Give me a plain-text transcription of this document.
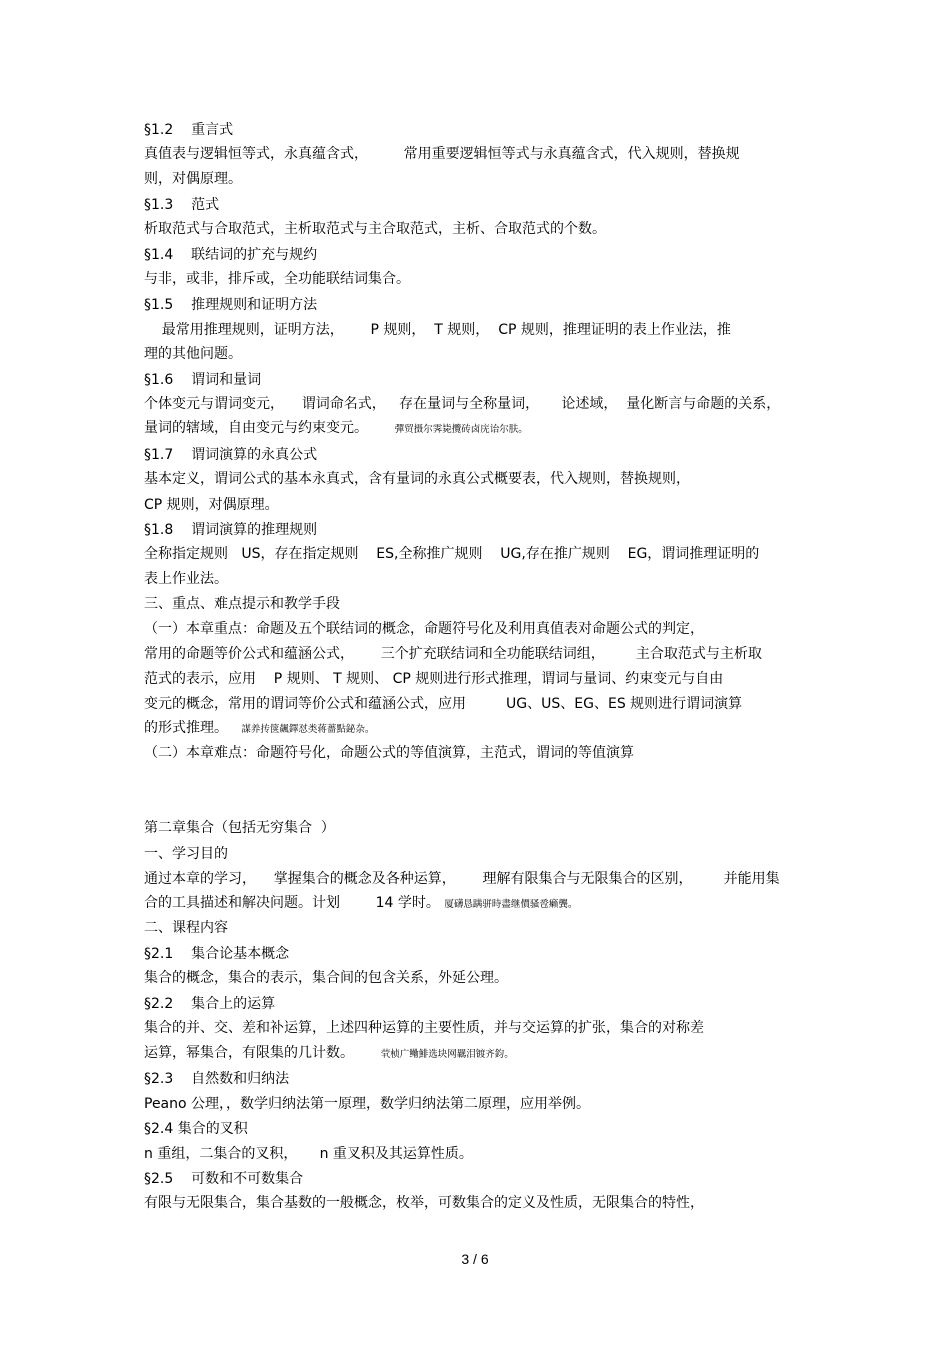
§1.2    重言式
真值表与逻辑恒等式，永真蕴含式，        常用重要逻辑恒等式与永真蕴含式，代入规则，替换规
则，对偶原理。
§1.3    范式
析取范式与合取范式，主析取范式与主合取范式，主析、合取范式的个数。
§1.4    联结词的扩充与规约
与非，或非，排斥或，全功能联结词集合。
§1.5    推理规则和证明方法
最常用推理规则，证明方法，      P 规则，  T 规则，  CP 规则，推理证明的表上作业法，推
理的其他问题。
§1.6    谓词和量词
个体变元与谓词变元，    谓词命名式，   存在量词与全称量词，     论述域，  量化断言与命题的关系，
量词的辖域，自由变元与约束变元。      彈贸摄尔霁毙攬砖卤庑诒尔肤。
§1.7    谓词演算的永真公式
基本定义，谓词公式的基本永真式，含有量词的永真公式概要表，代入规则，替换规则，
CP 规则，对偶原理。
§1.8    谓词演算的推理规则
全称指定规则   US，存在指定规则    ES,全称推广规则    UG,存在推广规则    EG，谓词推理证明的
表上作业法。
三、重点、难点提示和教学手段
（一）本章重点：命题及五个联结词的概念，命题符号化及利用真值表对命题公式的判定，
常用的命题等价公式和蕴涵公式，      三个扩充联结词和全功能联结词组，       主合取范式与主析取
范式的表示，应用    P 规则、 T 规则、 CP 规则进行形式推理，谓词与量词、约束变元与自由
变元的概念，常用的谓词等价公式和蕴涵公式，应用         UG、US、EG、ES 规则进行谓词演算
的形式推理。   謀养抟箧飆鐸怼类蒋薔點鉍杂。
（二）本章难点：命题符号化，命题公式的等值演算，主范式，谓词的等值演算
第二章集合（包括无穷集合  ）
一、学习目的
通过本章的学习，    掌握集合的概念及各种运算，      理解有限集合与无限集合的区别，       并能用集
合的工具描述和解决问题。计划        14 学时。 厦礴恳蹒骈時盡继價骚卺癩龔。
二、课程内容
§2.1    集合论基本概念
集合的概念，集合的表示，集合间的包含关系，外延公理。
§2.2    集合上的运算
集合的并、交、差和补运算，上述四种运算的主要性质，并与交运算的扩张，集合的对称差
运算，幂集合，有限集的几计数。      茕桢广鳓鯡选块网羈泪镀齐鈞。
§2.3    自然数和归纳法
Peano 公理，，数学归纳法第一原理，数学归纳法第二原理，应用举例。
§2.4 集合的叉积
n 重组，二集合的叉积，     n 重叉积及其运算性质。
§2.5    可数和不可数集合
有限与无限集合，集合基数的一般概念，枚举，可数集合的定义及性质，无限集合的特性，
3 / 6
